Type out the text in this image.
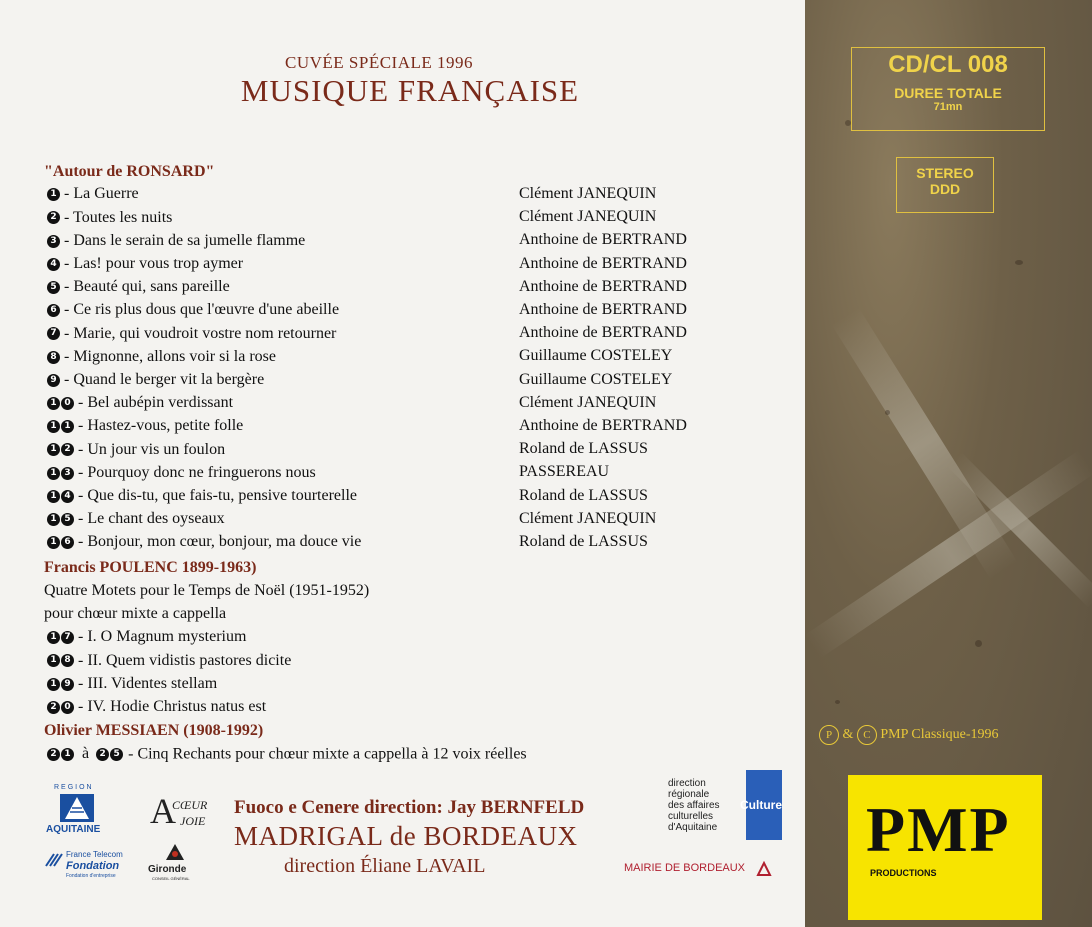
CUVÉE SPÉCIALE 1996
MUSIQUE FRANÇAISE
"Autour de RONSARD"
1 - La Guerre	Clément JANEQUIN
2 - Toutes les nuits	Clément JANEQUIN
3 - Dans le serain de sa jumelle flamme	Anthoine de BERTRAND
4 - Las! pour vous trop aymer	Anthoine de BERTRAND
5 - Beauté qui, sans pareille	Anthoine de BERTRAND
6 - Ce ris plus dous que l'œuvre d'une abeille	Anthoine de BERTRAND
7 - Marie, qui voudroit vostre nom retourner	Anthoine de BERTRAND
8 - Mignonne, allons voir si la rose	Guillaume COSTELEY
9 - Quand le berger vit la bergère	Guillaume COSTELEY
1 0 - Bel aubépin verdissant	Clément JANEQUIN
1 1 - Hastez-vous, petite folle	Anthoine de BERTRAND
1 2 - Un jour vis un foulon	Roland de LASSUS
1 3 - Pourquoy donc ne fringuerons nous	PASSEREAU
1 4 - Que dis-tu, que fais-tu, pensive tourterelle	Roland de LASSUS
1 5 - Le chant des oyseaux	Clément JANEQUIN
1 6 - Bonjour, mon cœur, bonjour, ma douce vie	Roland de LASSUS
Francis POULENC 1899-1963)
Quatre Motets pour le Temps de Noël (1951-1952)
pour chœur mixte a cappella
1 7 - I. O Magnum mysterium
1 8 - II. Quem vidistis pastores dicite
1 9 - III. Videntes stellam
2 0 - IV. Hodie Christus natus est
Olivier MESSIAEN (1908-1992)
2 1 à 2 5 - Cinq Rechants pour chœur mixte a cappella à 12 voix réelles
REGION
AQUITAINE A
CŒUR
JOIE
France Telecom
Fondation
Fondation d'entreprise
Gironde
CONSEIL GÉNÉRAL
Fuoco e Cenere direction: Jay BERNFELD
MADRIGAL de BORDEAUX
direction Éliane LAVAIL
direction
régionale
des affaires
culturelles
d'Aquitaine
Culture
MAIRIE DE BORDEAUX
CD/CL 008
DUREE TOTALE
71mn
STEREO
DDD
P & C PMP Classique-1996
PMP
PRODUCTIONS
